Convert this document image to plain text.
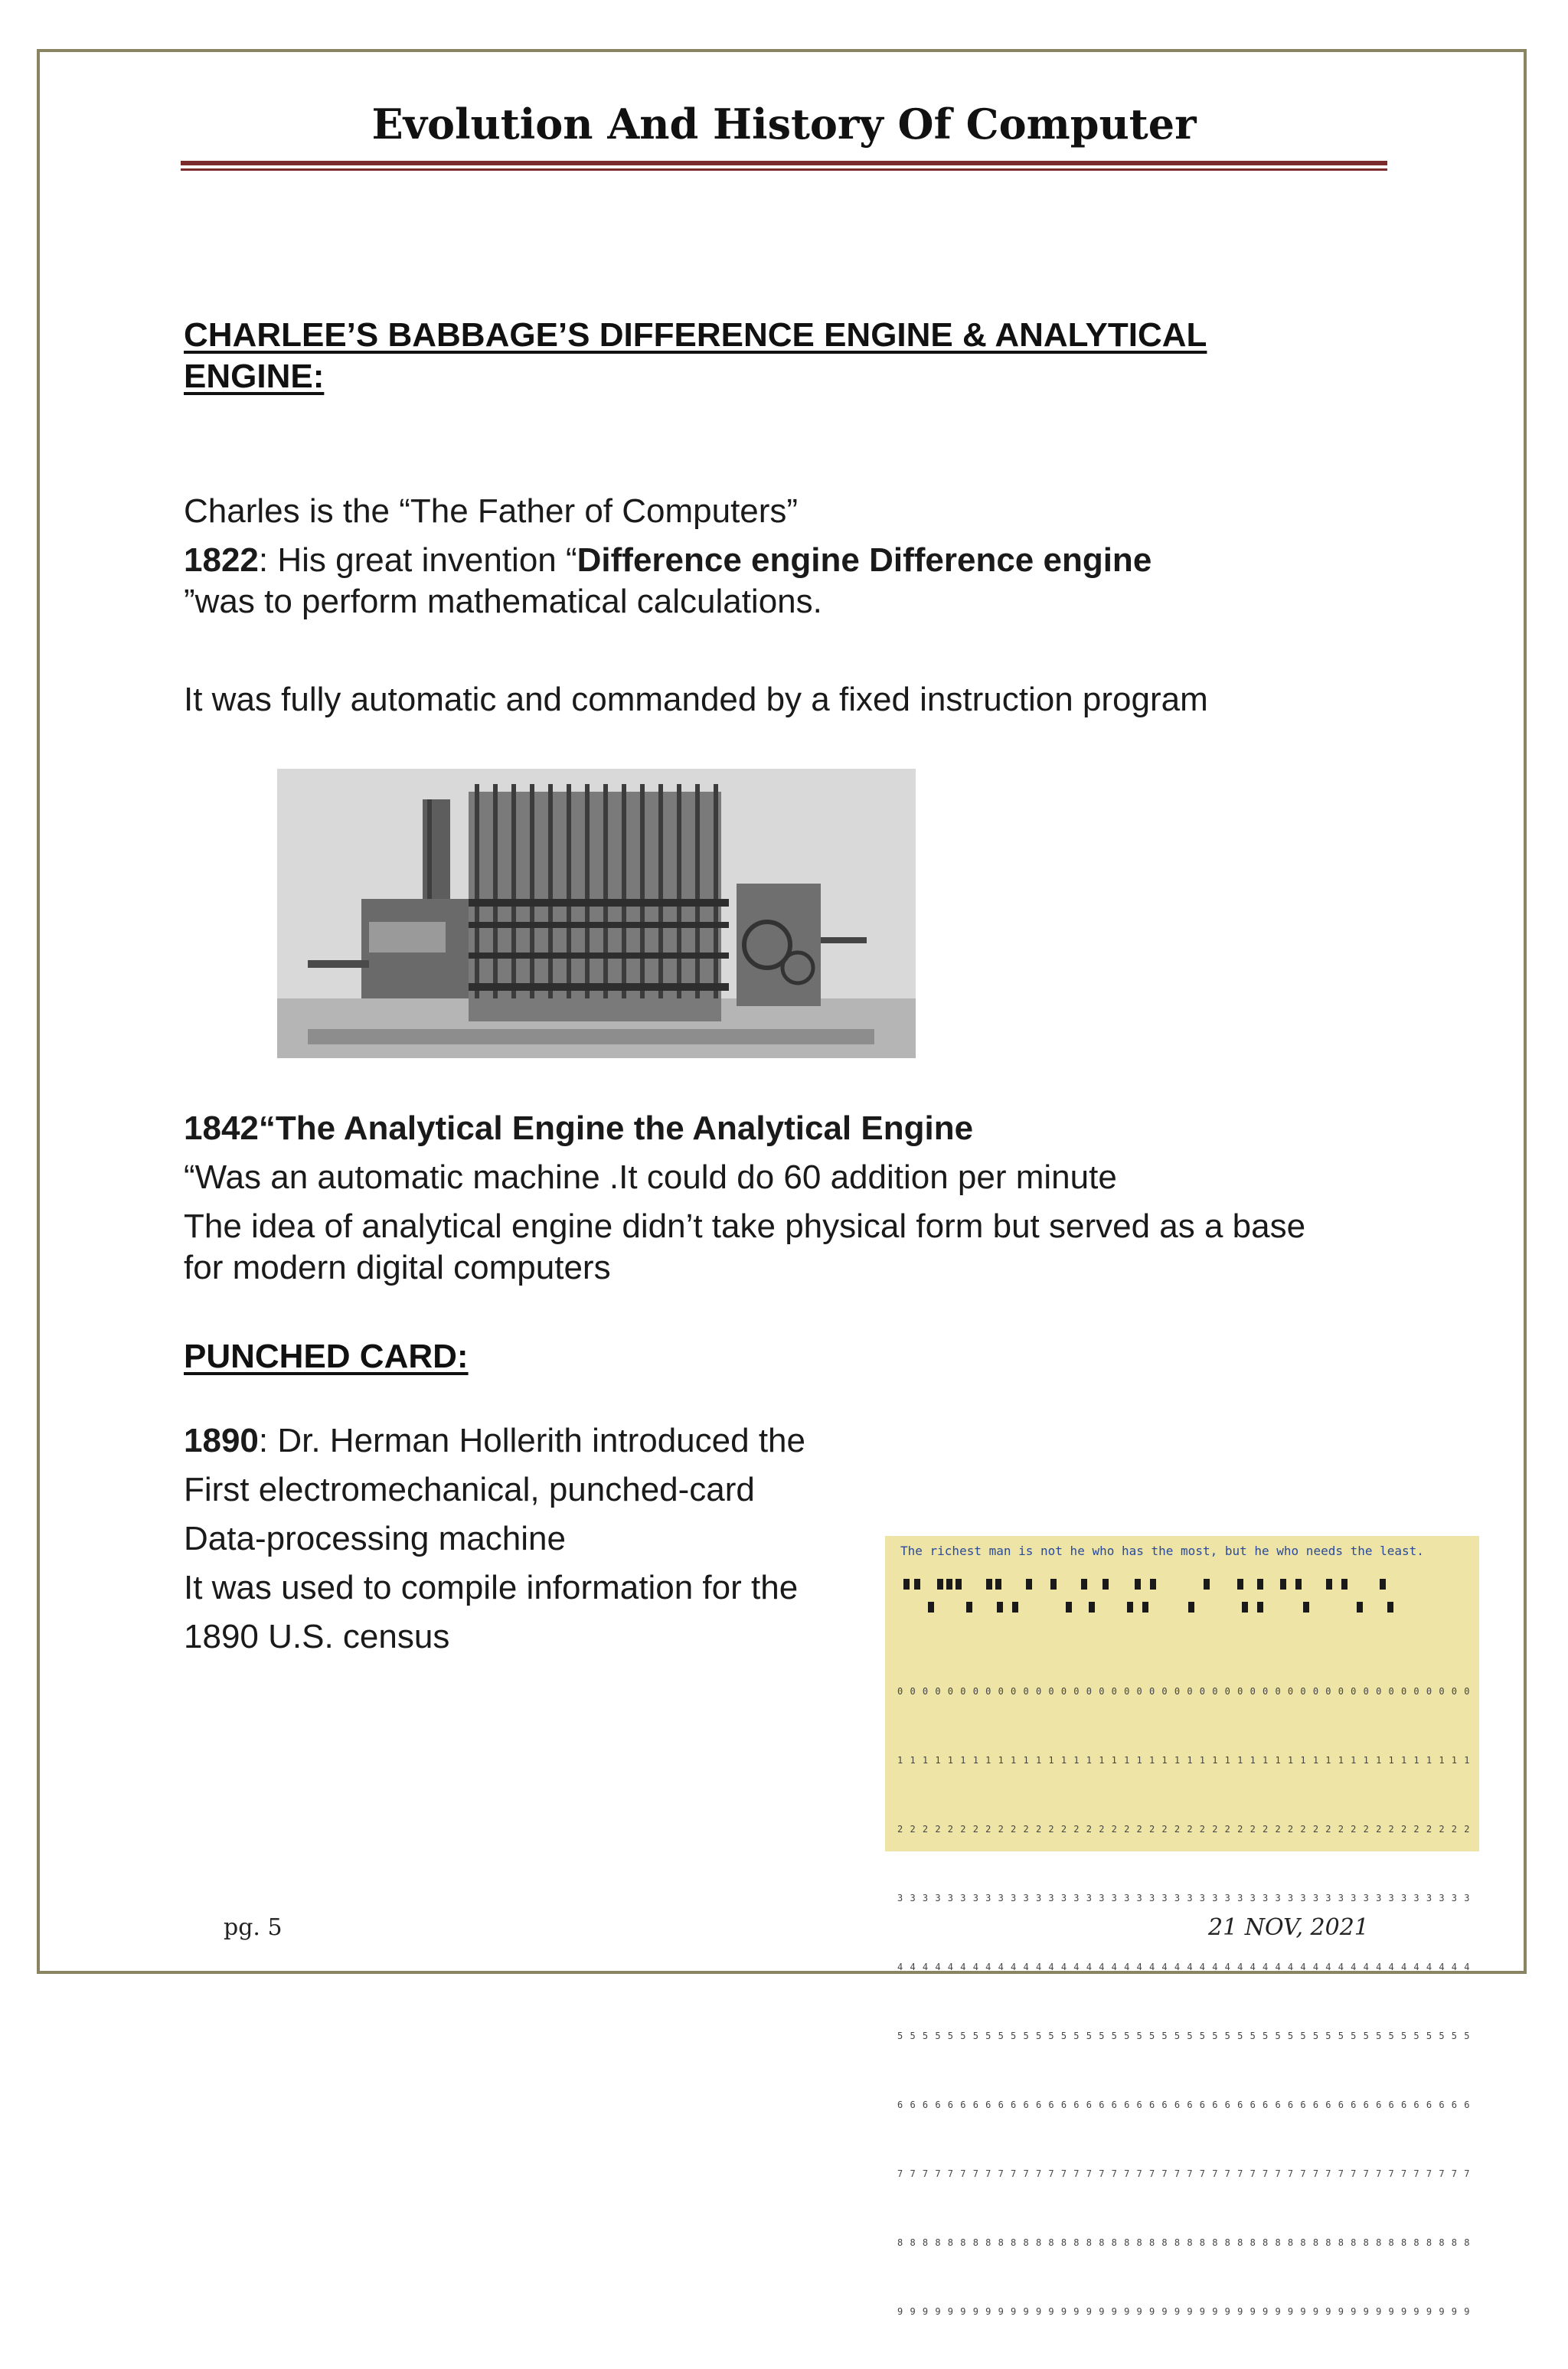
Evolution And History Of Computer
CHARLEE’S BABBAGE’S DIFFERENCE ENGINE & ANALYTICAL
ENGINE:
Charles is the “The Father of Computers”
1822: His great invention “Difference engine Difference engine
”was to perform mathematical calculations.
It was fully automatic and commanded by a fixed instruction program
1842“The Analytical Engine the Analytical Engine
“Was an automatic machine .It could do 60 addition per minute
The idea of analytical engine didn’t take physical form but served as a base
for modern digital computers
PUNCHED CARD:
1890: Dr. Herman Hollerith introduced the
First electromechanical, punched-card
Data-processing machine
It was used to compile information for the
1890 U.S. census
The richest man is not he who has the most, but he who needs the least.

0 0 0 0 0 0 0 0 0 0 0 0 0 0 0 0 0 0 0 0 0 0 0 0 0 0 0 0 0 0 0 0 0 0 0 0 0 0 0 0 0 0 0 0 0 0

1 1 1 1 1 1 1 1 1 1 1 1 1 1 1 1 1 1 1 1 1 1 1 1 1 1 1 1 1 1 1 1 1 1 1 1 1 1 1 1 1 1 1 1 1 1

2 2 2 2 2 2 2 2 2 2 2 2 2 2 2 2 2 2 2 2 2 2 2 2 2 2 2 2 2 2 2 2 2 2 2 2 2 2 2 2 2 2 2 2 2 2

3 3 3 3 3 3 3 3 3 3 3 3 3 3 3 3 3 3 3 3 3 3 3 3 3 3 3 3 3 3 3 3 3 3 3 3 3 3 3 3 3 3 3 3 3 3

4 4 4 4 4 4 4 4 4 4 4 4 4 4 4 4 4 4 4 4 4 4 4 4 4 4 4 4 4 4 4 4 4 4 4 4 4 4 4 4 4 4 4 4 4 4

5 5 5 5 5 5 5 5 5 5 5 5 5 5 5 5 5 5 5 5 5 5 5 5 5 5 5 5 5 5 5 5 5 5 5 5 5 5 5 5 5 5 5 5 5 5

6 6 6 6 6 6 6 6 6 6 6 6 6 6 6 6 6 6 6 6 6 6 6 6 6 6 6 6 6 6 6 6 6 6 6 6 6 6 6 6 6 6 6 6 6 6

7 7 7 7 7 7 7 7 7 7 7 7 7 7 7 7 7 7 7 7 7 7 7 7 7 7 7 7 7 7 7 7 7 7 7 7 7 7 7 7 7 7 7 7 7 7

8 8 8 8 8 8 8 8 8 8 8 8 8 8 8 8 8 8 8 8 8 8 8 8 8 8 8 8 8 8 8 8 8 8 8 8 8 8 8 8 8 8 8 8 8 8

9 9 9 9 9 9 9 9 9 9 9 9 9 9 9 9 9 9 9 9 9 9 9 9 9 9 9 9 9 9 9 9 9 9 9 9 9 9 9 9 9 9 9 9 9 9

pg. 5	21 NOV, 2021
